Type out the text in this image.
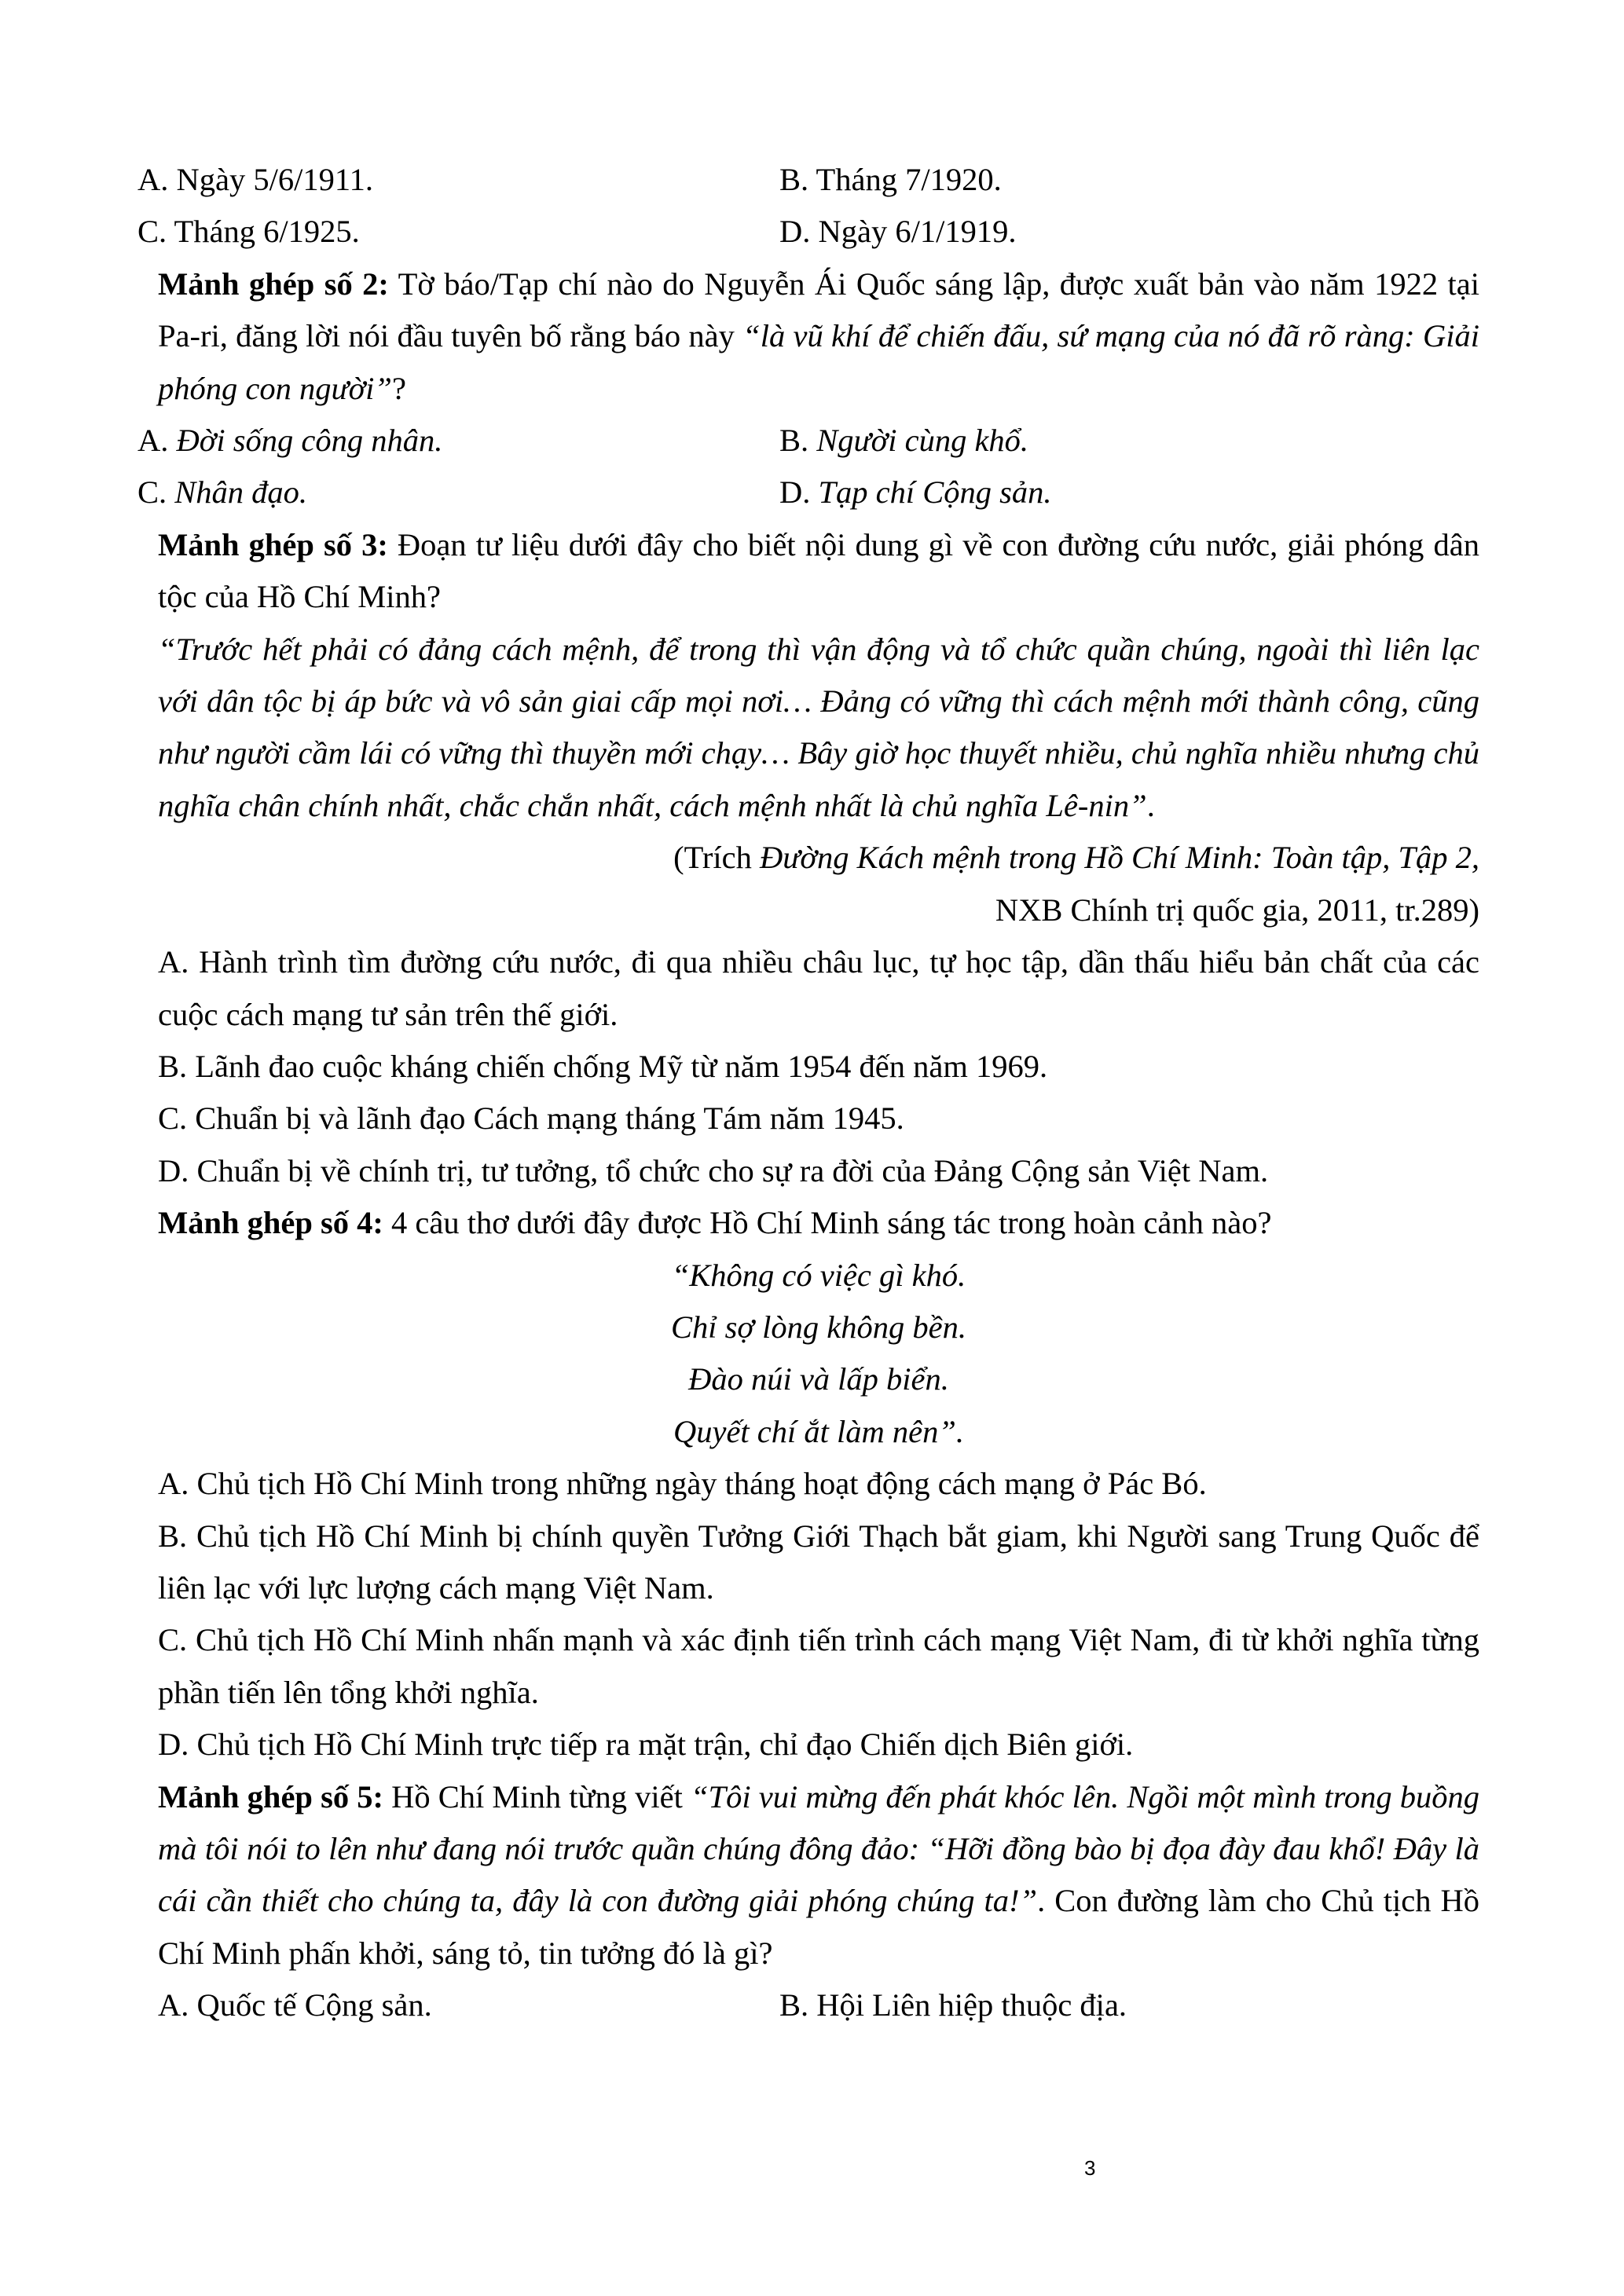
A. Ngày 5/6/1911.	B. Tháng 7/1920.
C. Tháng 6/1925.	D. Ngày 6/1/1919.

Mảnh ghép số 2: Tờ báo/Tạp chí nào do Nguyễn Ái Quốc sáng lập, được xuất bản vào năm 1922 tại Pa-ri, đăng lời nói đầu tuyên bố rằng báo này “là vũ khí để chiến đấu, sứ mạng của nó đã rõ ràng: Giải phóng con người”?

A. Đời sống công nhân.	B. Người cùng khổ.
C. Nhân đạo.	D. Tạp chí Cộng sản.

Mảnh ghép số 3: Đoạn tư liệu dưới đây cho biết nội dung gì về con đường cứu nước, giải phóng dân tộc của Hồ Chí Minh?

“Trước hết phải có đảng cách mệnh, để trong thì vận động và tổ chức quần chúng, ngoài thì liên lạc với dân tộc bị áp bức và vô sản giai cấp mọi nơi… Đảng có vững thì cách mệnh mới thành công, cũng như người cầm lái có vững thì thuyền mới chạy… Bây giờ học thuyết nhiều, chủ nghĩa nhiều nhưng chủ nghĩa chân chính nhất, chắc chắn nhất, cách mệnh nhất là chủ nghĩa Lê-nin”.

(Trích Đường Kách mệnh trong Hồ Chí Minh: Toàn tập, Tập 2,

NXB Chính trị quốc gia, 2011, tr.289)

A. Hành trình tìm đường cứu nước, đi qua nhiều châu lục, tự học tập, dần thấu hiểu bản chất của các cuộc cách mạng tư sản trên thế giới.

B. Lãnh đao cuộc kháng chiến chống Mỹ từ năm 1954 đến năm 1969.

C. Chuẩn bị và lãnh đạo Cách mạng tháng Tám năm 1945.

D. Chuẩn bị về chính trị, tư tưởng, tổ chức cho sự ra đời của Đảng Cộng sản Việt Nam.

Mảnh ghép số 4: 4 câu thơ dưới đây được Hồ Chí Minh sáng tác trong hoàn cảnh nào?

“Không có việc gì khó.

Chỉ sợ lòng không bền.

Đào núi và lấp biển.

Quyết chí ắt làm nên”.

A. Chủ tịch Hồ Chí Minh trong những ngày tháng hoạt động cách mạng ở Pác Bó.

B. Chủ tịch Hồ Chí Minh bị chính quyền Tưởng Giới Thạch bắt giam, khi Người sang Trung Quốc để liên lạc với lực lượng cách mạng Việt Nam.

C. Chủ tịch Hồ Chí Minh nhấn mạnh và xác định tiến trình cách mạng Việt Nam, đi từ khởi nghĩa từng phần tiến lên tổng khởi nghĩa.

D. Chủ tịch Hồ Chí Minh trực tiếp ra mặt trận, chỉ đạo Chiến dịch Biên giới.

Mảnh ghép số 5: Hồ Chí Minh từng viết “Tôi vui mừng đến phát khóc lên. Ngồi một mình trong buồng mà tôi nói to lên như đang nói trước quần chúng đông đảo: “Hỡi đồng bào bị đọa đày đau khổ! Đây là cái cần thiết cho chúng ta, đây là con đường giải phóng chúng ta!”. Con đường làm cho Chủ tịch Hồ Chí Minh phấn khởi, sáng tỏ, tin tưởng đó là gì?

A. Quốc tế Cộng sản.	B. Hội Liên hiệp thuộc địa.
3
